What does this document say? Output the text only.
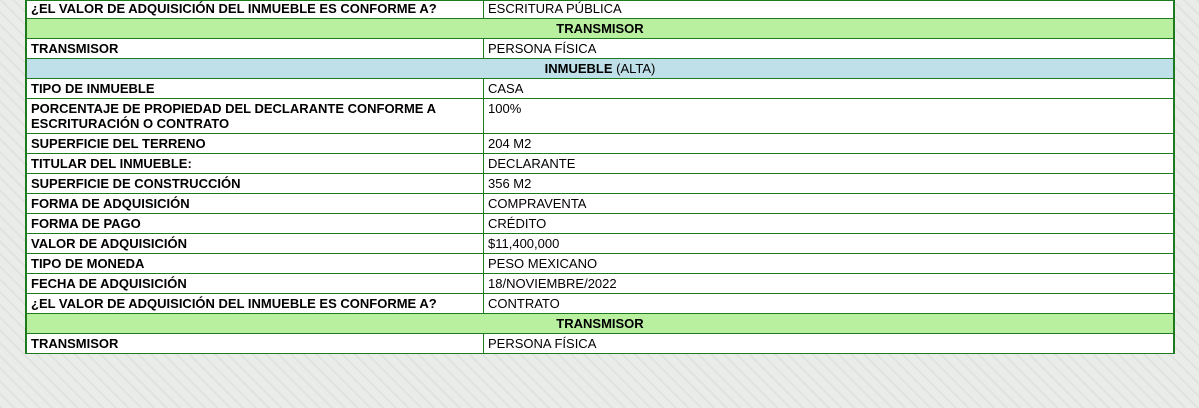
¿EL VALOR DE ADQUISICIÓN DEL INMUEBLE ES CONFORME A?	ESCRITURA PÚBLICA
TRANSMISOR	
TRANSMISOR	PERSONA FÍSICA
INMUEBLE (ALTA)	
TIPO DE INMUEBLE	CASA
PORCENTAJE DE PROPIEDAD DEL DECLARANTE CONFORME A ESCRITURACIÓN O CONTRATO	100%
SUPERFICIE DEL TERRENO	204 M2
TITULAR DEL INMUEBLE:	DECLARANTE
SUPERFICIE DE CONSTRUCCIÓN	356 M2
FORMA DE ADQUISICIÓN	COMPRAVENTA
FORMA DE PAGO	CRÉDITO
VALOR DE ADQUISICIÓN	$11,400,000
TIPO DE MONEDA	PESO MEXICANO
FECHA DE ADQUISICIÓN	18/NOVIEMBRE/2022
¿EL VALOR DE ADQUISICIÓN DEL INMUEBLE ES CONFORME A?	CONTRATO
TRANSMISOR	
TRANSMISOR	PERSONA FÍSICA
